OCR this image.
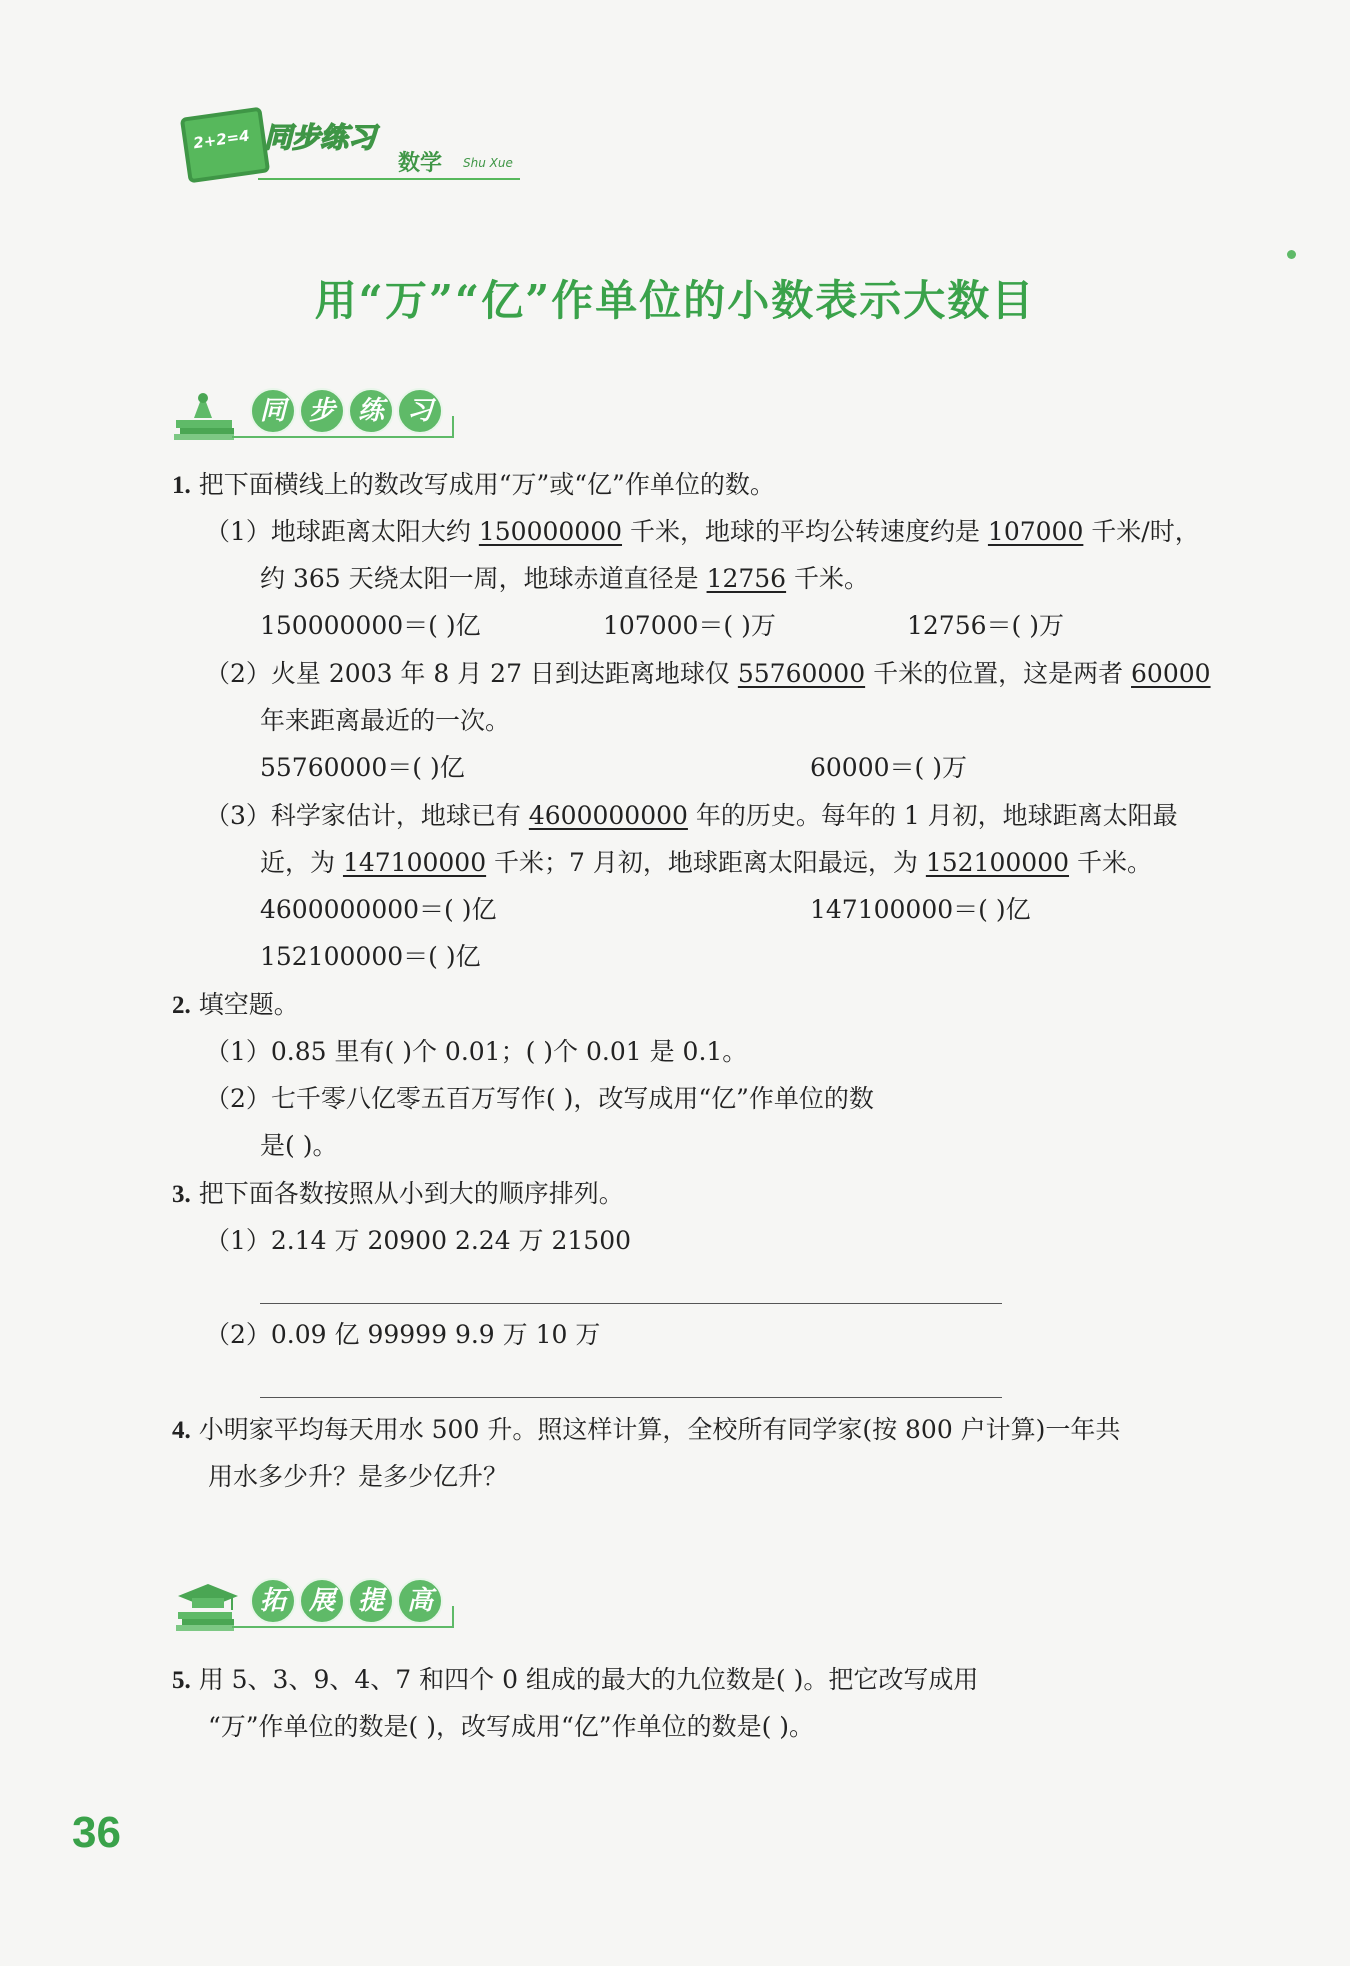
2+2=4 同步练习
数学 Shu Xue
用“万”“亿”作单位的小数表示大数目
同 步 练 习
1. 把下面横线上的数改写成用“万”或“亿”作单位的数。
（1）地球距离太阳大约 150000000 千米，地球的平均公转速度约是 107000 千米/时，
约 365 天绕太阳一周，地球赤道直径是 12756 千米。
150000000＝( )亿	107000＝( )万	12756＝( )万
（2）火星 2003 年 8 月 27 日到达距离地球仅 55760000 千米的位置，这是两者 60000
年来距离最近的一次。
55760000＝( )亿	60000＝( )万
（3）科学家估计，地球已有 4600000000 年的历史。每年的 1 月初，地球距离太阳最
近，为 147100000 千米；7 月初，地球距离太阳最远，为 152100000 千米。
4600000000＝( )亿	147100000＝( )亿
152100000＝( )亿
2. 填空题。
（1）0.85 里有( )个 0.01；( )个 0.01 是 0.1。
（2）七千零八亿零五百万写作( )，改写成用“亿”作单位的数
是( )。
3. 把下面各数按照从小到大的顺序排列。
（1）2.14 万 20900 2.24 万 21500
（2）0.09 亿 99999 9.9 万 10 万
4. 小明家平均每天用水 500 升。照这样计算，全校所有同学家(按 800 户计算)一年共
用水多少升？是多少亿升？
拓 展 提 高
5. 用 5、3、9、4、7 和四个 0 组成的最大的九位数是( )。把它改写成用
“万”作单位的数是( )，改写成用“亿”作单位的数是( )。
36
